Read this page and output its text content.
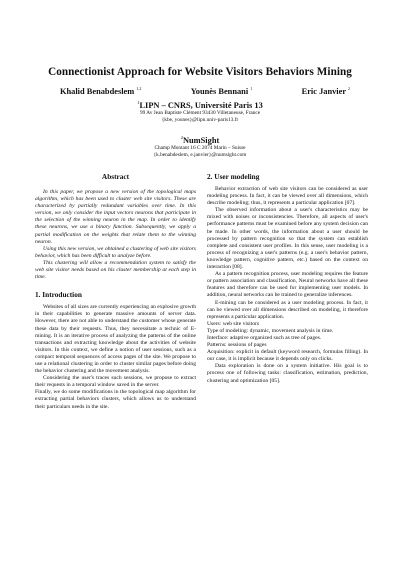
Connectionist Approach for Website Visitors Behaviors Mining
Khalid Benabdeslem $^{1,2}$	Younès Bennani $^1$	Eric Janvier $^2$
$^1$LIPN – CNRS, Université Paris 13
99 Av Jean Baptiste Clément 93430 Villetaneuse, France
{kbe, younes}@lipn.univ-paris13.fr
$^2$NumSight
Champ Montant 16 C 2074 Marin – Suisse
{k.benabdeslem, e.janvier}@numsight.com
Abstract

In this paper, we propose a new version of the topological maps algorithm, which has been used to cluster web site visitors. These are characterized by partially redundant variables over time. In this version, we only consider the input vectors neurons that participate in the selection of the winning neuron in the map. In order to identify these neurons, we use a binary function. Subsequently, we apply a partial modification on the weights that relate them to the winning neuron.

Using this new version, we obtained a clustering of web site visitors behavior, which has been difficult to analyze before.

This clustering will allow a recommendation system to satisfy the web site visitor needs based on his cluster membership at each step in time.

1. Introduction

Websites of all sizes are currently experiencing an explosive growth in their capabilities to generate massive amounts of server data. However, there are not able to understand the customer whose generate these data by their requests. Thus, they necessitate a technic of E-mining. It is an iterative process of analyzing the patterns of the online transactions and extracting knowledge about the activities of website visitors. In this context, we define a notion of user sessions, such as a compact temporal sequences of access pages of the site. We propose to use a relational clustering in order to cluster similar pages before doing the behavior clustering and the movement analysis.

Considering the user's traces such sessions, we propose to extract their requests in a temporal window saved in the server.

Finally, we do some modifications in the topological map algorithm for extracting partial behaviors clusters, which allows us to understand their particulars needs in the site.

2. User modeling

Behavior extraction of web site visitors can be considered as user modeling process. In fact, it can be viewed over all dimensions, which describe modeling; thus, it represents a particular application [07].

The observed information about a user's characteristics may be mixed with noises or inconsistencies. Therefore, all aspects of user's performance patterns must be examined before any system decision can be made. In other words, the information about a user should be processed by pattern recognition so that the system can establish complete and consistent user profiles. In this sense, user modeling is a process of recognizing a user's patterns (e.g. a user's behavior pattern, knowledge pattern, cognitive pattern, etc.) based on the context on interaction [08].

As a pattern recognition process, user modeling requires the feature or pattern association and classification, Neural networks have all these features and therefore can be used for implementing user models. In addition, neural networks can be trained to generalize inferences.

E-mining can be considered as a user modeling process. In fact, it can be viewed over all dimensions described on modeling, it therefore represents a particular application.

Users: web site visitors

Type of modeling: dynamic, movement analysis in time.

Interface: adaptive organized such as tree of pages.

Patterns: sessions of pages

Acquisition: explicit in default (keyword research, formulas filling). In our case, it is implicit because it depends only on clicks.

Data exploration is done on a system initiative. His goal is to process one of following tasks: classification, estimation, prediction, clustering and optimization [05].
